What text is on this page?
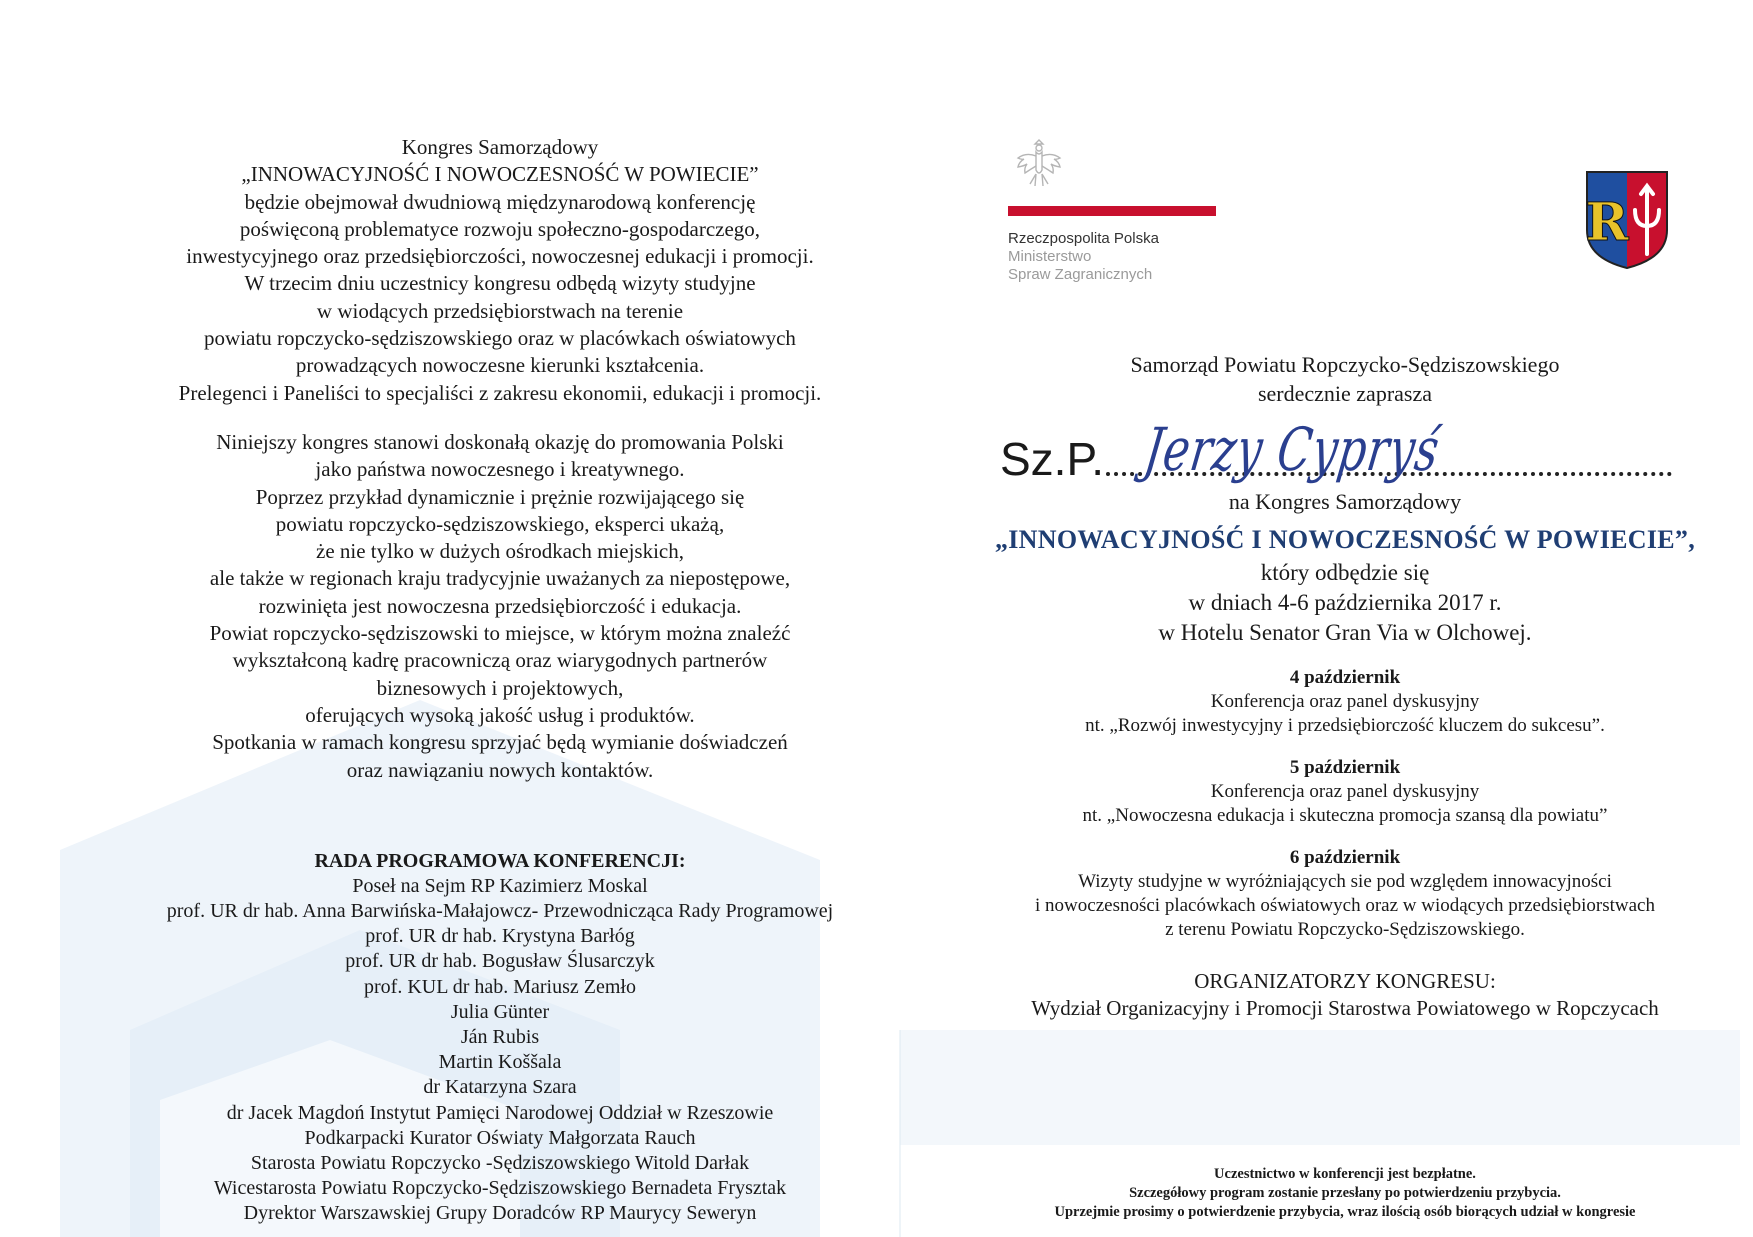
Kongres Samorządowy
„INNOWACYJNOŚĆ I NOWOCZESNOŚĆ W POWIECIE”
będzie obejmował dwudniową międzynarodową konferencję
poświęconą problematyce rozwoju społeczno-gospodarczego,
inwestycyjnego oraz przedsiębiorczości, nowoczesnej edukacji i promocji.
W trzecim dniu uczestnicy kongresu odbędą wizyty studyjne
w wiodących przedsiębiorstwach na terenie
powiatu ropczycko-sędziszowskiego oraz w placówkach oświatowych
prowadzących nowoczesne kierunki kształcenia.
Prelegenci i Paneliści to specjaliści z zakresu ekonomii, edukacji i promocji.
Niniejszy kongres stanowi doskonałą okazję do promowania Polski
jako państwa nowoczesnego i kreatywnego.
Poprzez przykład dynamicznie i prężnie rozwijającego się
powiatu ropczycko-sędziszowskiego, eksperci ukażą,
że nie tylko w dużych ośrodkach miejskich,
ale także w regionach kraju tradycyjnie uważanych za niepostępowe,
rozwinięta jest nowoczesna przedsiębiorczość i edukacja.
Powiat ropczycko-sędziszowski to miejsce, w którym można znaleźć
wykształconą kadrę pracowniczą oraz wiarygodnych partnerów
biznesowych i projektowych,
oferujących wysoką jakość usług i produktów.
Spotkania w ramach kongresu sprzyjać będą wymianie doświadczeń
oraz nawiązaniu nowych kontaktów.
RADA PROGRAMOWA KONFERENCJI:
Poseł na Sejm RP Kazimierz Moskal
prof. UR dr hab. Anna Barwińska-Małajowcz- Przewodnicząca Rady Programowej
prof. UR dr hab. Krystyna Barłóg
prof. UR dr hab. Bogusław Ślusarczyk
prof. KUL dr hab. Mariusz Zemło
Julia Günter
Ján Rubis
Martin Koššala
dr Katarzyna Szara
dr Jacek Magdoń Instytut Pamięci Narodowej Oddział w Rzeszowie
Podkarpacki Kurator Oświaty Małgorzata Rauch
Starosta Powiatu Ropczycko -Sędziszowskiego Witold Darłak
Wicestarosta Powiatu Ropczycko-Sędziszowskiego Bernadeta Frysztak
Dyrektor Warszawskiej Grupy Doradców RP Maurycy Seweryn
Rzeczpospolita Polska
Ministerstwo
Spraw Zagranicznych
R
Samorząd Powiatu Ropczycko-Sędziszowskiego
serdecznie zaprasza
Sz.P. Jerzy Cypryś
na Kongres Samorządowy
„INNOWACYJNOŚĆ I NOWOCZESNOŚĆ W POWIECIE”,
który odbędzie się
w dniach 4-6 października 2017 r.
w Hotelu Senator Gran Via w Olchowej.
4 październik
Konferencja oraz panel dyskusyjny
nt. „Rozwój inwestycyjny i przedsiębiorczość kluczem do sukcesu”.
5 październik
Konferencja oraz panel dyskusyjny
nt. „Nowoczesna edukacja i skuteczna promocja szansą dla powiatu”
6 październik
Wizyty studyjne w wyróżniających sie pod względem innowacyjności
i nowoczesności placówkach oświatowych oraz w wiodących przedsiębiorstwach
z terenu Powiatu Ropczycko-Sędziszowskiego.
ORGANIZATORZY KONGRESU:
Wydział Organizacyjny i Promocji Starostwa Powiatowego w Ropczycach
Uczestnictwo w konferencji jest bezpłatne.
Szczegółowy program zostanie przesłany po potwierdzeniu przybycia.
Uprzejmie prosimy o potwierdzenie przybycia, wraz ilością osób biorących udział w kongresie
